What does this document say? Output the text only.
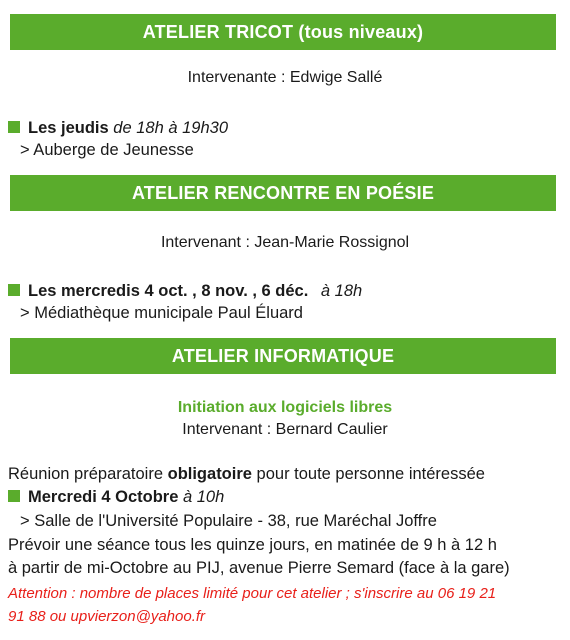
ATELIER TRICOT (tous niveaux)
Intervenante : Edwige Sallé
Les jeudis de 18h à 19h30
> Auberge de Jeunesse
ATELIER RENCONTRE EN POÉSIE
Intervenant : Jean-Marie Rossignol
Les mercredis 4 oct. , 8 nov. , 6 déc. à 18h
> Médiathèque municipale Paul Éluard
ATELIER INFORMATIQUE
Initiation aux logiciels libres
Intervenant : Bernard Caulier
Réunion préparatoire obligatoire pour toute personne intéressée
Mercredi 4 Octobre à 10h
> Salle de l'Université Populaire - 38, rue Maréchal Joffre
Prévoir une séance tous les quinze jours, en matinée de 9 h à 12 h
à partir de mi-Octobre au PIJ, avenue Pierre Semard (face à la gare)
Attention : nombre de places limité pour cet atelier ; s'inscrire au 06 19 21
91 88 ou upvierzon@yahoo.fr
